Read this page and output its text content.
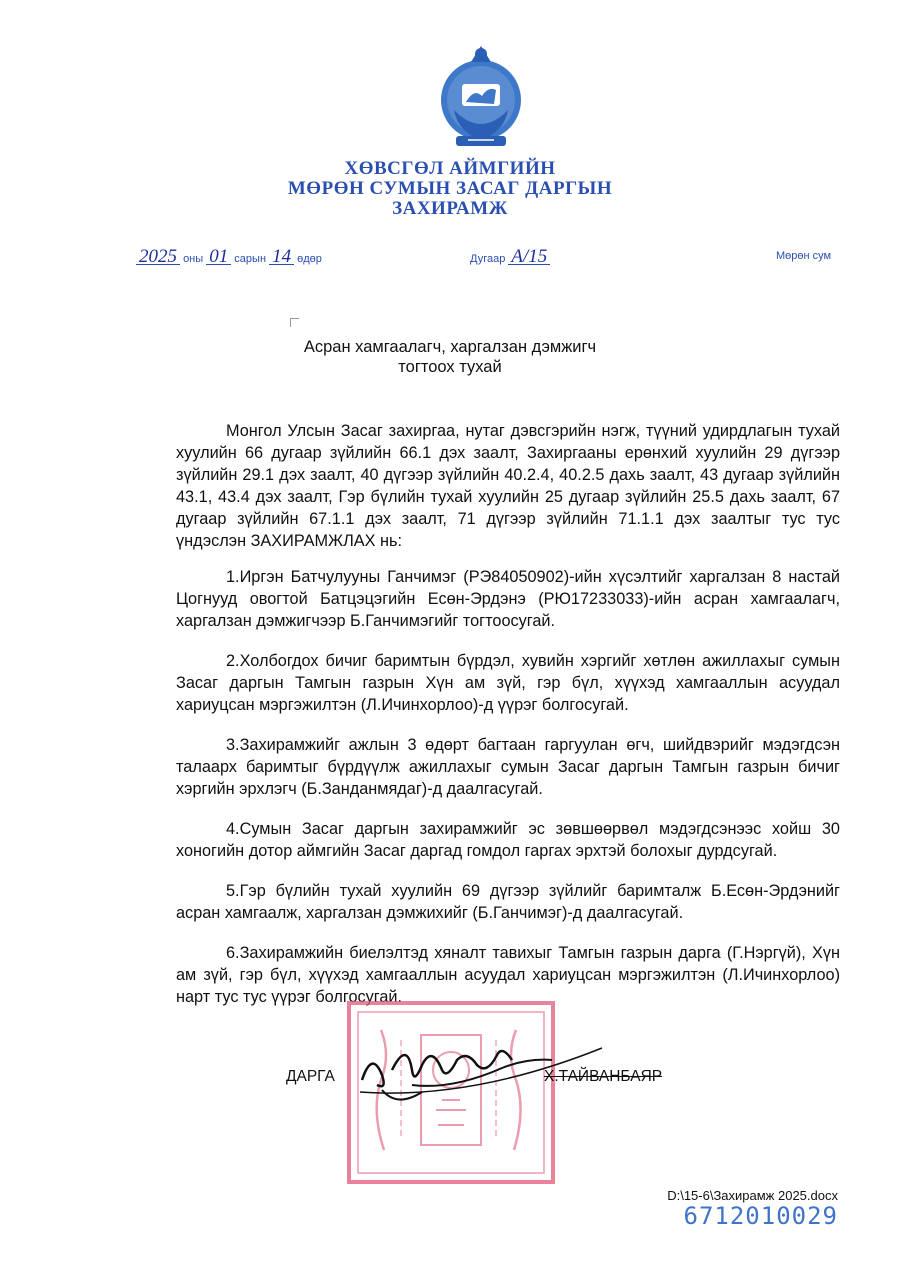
ХӨВСГӨЛ АЙМГИЙН
МӨРӨН СУМЫН ЗАСАГ ДАРГЫН
ЗАХИРАМЖ
2025 оны 01 сарын 14 өдөр	Дугаар А/15	Мөрөн сум
Асран хамгаалагч, харгалзан дэмжигч
тогтоох тухай

Монгол Улсын Засаг захиргаа, нутаг дэвсгэрийн нэгж, түүний удирдлагын тухай хуулийн 66 дугаар зүйлийн 66.1 дэх заалт, Захиргааны ерөнхий хуулийн 29 дүгээр зүйлийн 29.1 дэх заалт, 40 дүгээр зүйлийн 40.2.4, 40.2.5 дахь заалт, 43 дугаар зүйлийн 43.1, 43.4 дэх заалт, Гэр бүлийн тухай хуулийн 25 дугаар зүйлийн 25.5 дахь заалт, 67 дугаар зүйлийн 67.1.1 дэх заалт, 71 дүгээр зүйлийн 71.1.1 дэх заалтыг тус тус үндэслэн ЗАХИРАМЖЛАХ нь:

1.Иргэн Батчулууны Ганчимэг (РЭ84050902)-ийн хүсэлтийг харгалзан 8 настай Цогнууд овогтой Батцэцэгийн Есөн-Эрдэнэ (РЮ17233033)-ийн асран хамгаалагч, харгалзан дэмжигчээр Б.Ганчимэгийг тогтоосугай.

2.Холбогдох бичиг баримтын бүрдэл, хувийн хэргийг хөтлөн ажиллахыг сумын Засаг даргын Тамгын газрын Хүн ам зүй, гэр бүл, хүүхэд хамгааллын асуудал хариуцсан мэргэжилтэн (Л.Ичинхорлоо)-д үүрэг болгосугай.

3.Захирамжийг ажлын 3 өдөрт багтаан гаргуулан өгч, шийдвэрийг мэдэгдсэн талаарх баримтыг бүрдүүлж ажиллахыг сумын Засаг даргын Тамгын газрын бичиг хэргийн эрхлэгч (Б.Занданмядаг)-д даалгасугай.

4.Сумын Засаг даргын захирамжийг эс зөвшөөрвөл мэдэгдсэнээс хойш 30 хоногийн дотор аймгийн Засаг даргад гомдол гаргах эрхтэй болохыг дурдсугай.

5.Гэр бүлийн тухай хуулийн 69 дүгээр зүйлийг баримталж Б.Есөн-Эрдэнийг асран хамгаалж, харгалзан дэмжихийг (Б.Ганчимэг)-д даалгасугай.

6.Захирамжийн биелэлтэд хяналт тавихыг Тамгын газрын дарга (Г.Нэргүй), Хүн ам зүй, гэр бүл, хүүхэд хамгааллын асуудал хариуцсан мэргэжилтэн (Л.Ичинхорлоо) нарт тус тус үүрэг болгосугай.

ДАРГА	Х.ТАЙВАНБАЯР
D:\15-6\Захирамж 2025.docx
6712010029
